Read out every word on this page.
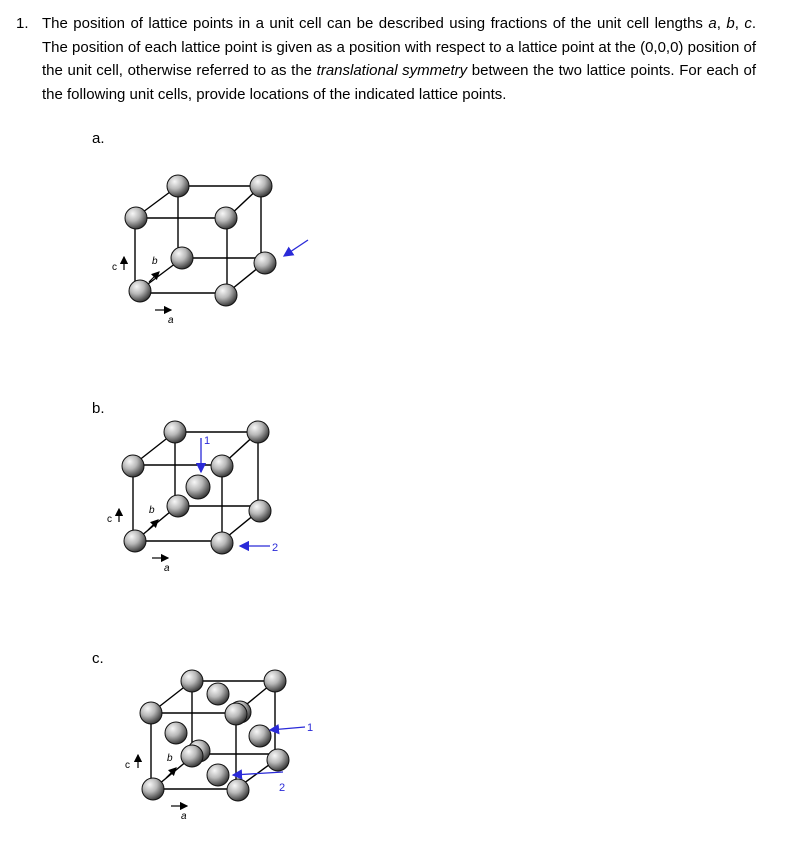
1. The position of lattice points in a unit cell can be described using fractions of the unit cell lengths a, b, c. The position of each lattice point is given as a position with respect to a lattice point at the (0,0,0) position of the unit cell, otherwise referred to as the translational symmetry between the two lattice points. For each of the following unit cells, provide locations of the indicated lattice points.
a.
b.
c.
c
b
a
1
2
c
b
a
1
2
c
b
a
